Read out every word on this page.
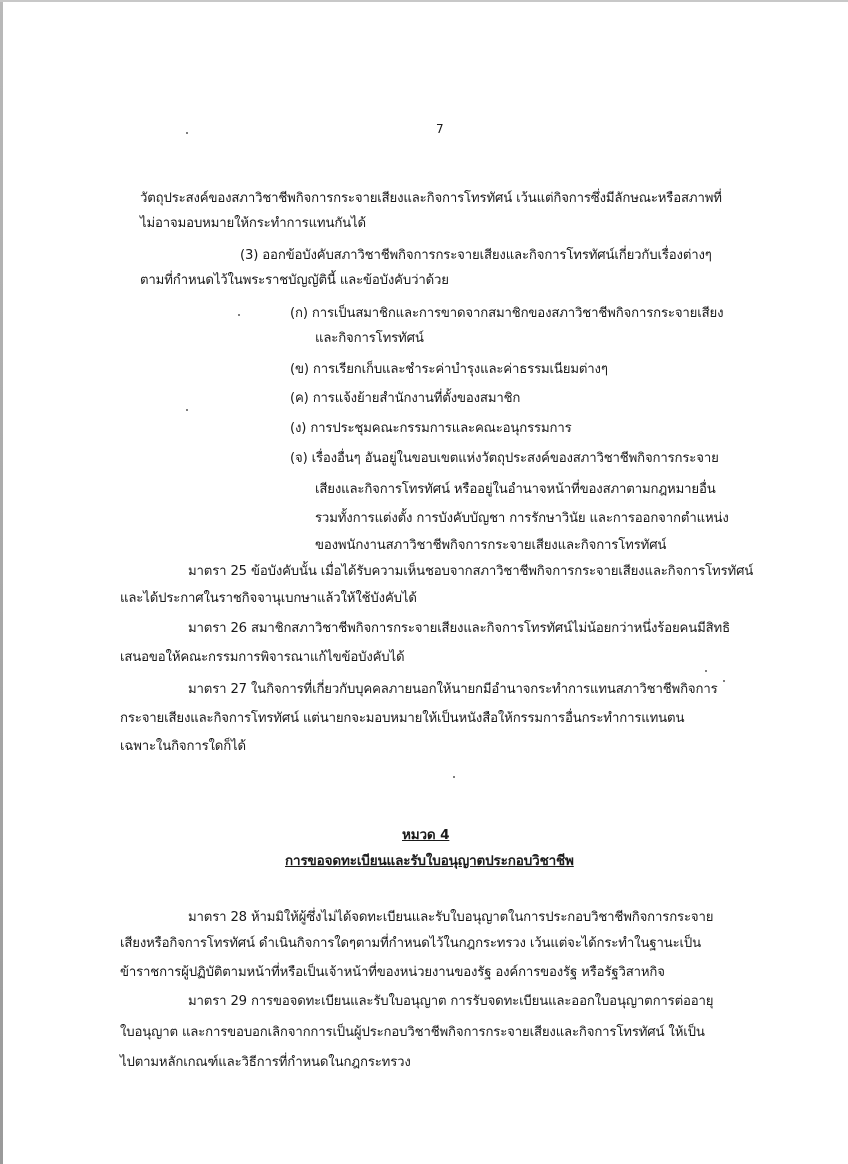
7
วัตถุประสงค์ของสภาวิชาชีพกิจการกระจายเสียงและกิจการโทรทัศน์ เว้นแต่กิจการซึ่งมีลักษณะหรือสภาพที่
ไม่อาจมอบหมายให้กระทำการแทนกันได้
(3) ออกข้อบังคับสภาวิชาชีพกิจการกระจายเสียงและกิจการโทรทัศน์เกี่ยวกับเรื่องต่างๆ
ตามที่กำหนดไว้ในพระราชบัญญัตินี้ และข้อบังคับว่าด้วย
(ก) การเป็นสมาชิกและการขาดจากสมาชิกของสภาวิชาชีพกิจการกระจายเสียง
และกิจการโทรทัศน์
(ข) การเรียกเก็บและชำระค่าบำรุงและค่าธรรมเนียมต่างๆ
(ค) การแจ้งย้ายสำนักงานที่ตั้งของสมาชิก
(ง) การประชุมคณะกรรมการและคณะอนุกรรมการ
(จ) เรื่องอื่นๆ อันอยู่ในขอบเขตแห่งวัตถุประสงค์ของสภาวิชาชีพกิจการกระจาย
เสียงและกิจการโทรทัศน์ หรืออยู่ในอำนาจหน้าที่ของสภาตามกฎหมายอื่น
รวมทั้งการแต่งตั้ง การบังคับบัญชา การรักษาวินัย และการออกจากตำแหน่ง
ของพนักงานสภาวิชาชีพกิจการกระจายเสียงและกิจการโทรทัศน์
มาตรา 25 ข้อบังคับนั้น เมื่อได้รับความเห็นชอบจากสภาวิชาชีพกิจการกระจายเสียงและกิจการโทรทัศน์
และได้ประกาศในราชกิจจานุเบกษาแล้วให้ใช้บังคับได้
มาตรา 26 สมาชิกสภาวิชาชีพกิจการกระจายเสียงและกิจการโทรทัศน์ไม่น้อยกว่าหนึ่งร้อยคนมีสิทธิ
เสนอขอให้คณะกรรมการพิจารณาแก้ไขข้อบังคับได้
มาตรา 27 ในกิจการที่เกี่ยวกับบุคคลภายนอกให้นายกมีอำนาจกระทำการแทนสภาวิชาชีพกิจการ
กระจายเสียงและกิจการโทรทัศน์ แต่นายกจะมอบหมายให้เป็นหนังสือให้กรรมการอื่นกระทำการแทนตน
เฉพาะในกิจการใดก็ได้
หมวด 4
การขอจดทะเบียนและรับใบอนุญาตประกอบวิชาชีพ
มาตรา 28 ห้ามมิให้ผู้ซึ่งไม่ได้จดทะเบียนและรับใบอนุญาตในการประกอบวิชาชีพกิจการกระจาย
เสียงหรือกิจการโทรทัศน์ ดำเนินกิจการใดๆตามที่กำหนดไว้ในกฎกระทรวง เว้นแต่จะได้กระทำในฐานะเป็น
ข้าราชการผู้ปฏิบัติตามหน้าที่หรือเป็นเจ้าหน้าที่ของหน่วยงานของรัฐ องค์การของรัฐ หรือรัฐวิสาหกิจ
มาตรา 29 การขอจดทะเบียนและรับใบอนุญาต การรับจดทะเบียนและออกใบอนุญาตการต่ออายุ
ใบอนุญาต และการขอบอกเลิกจากการเป็นผู้ประกอบวิชาชีพกิจการกระจายเสียงและกิจการโทรทัศน์ ให้เป็น
ไปตามหลักเกณฑ์และวิธีการที่กำหนดในกฎกระทรวง
